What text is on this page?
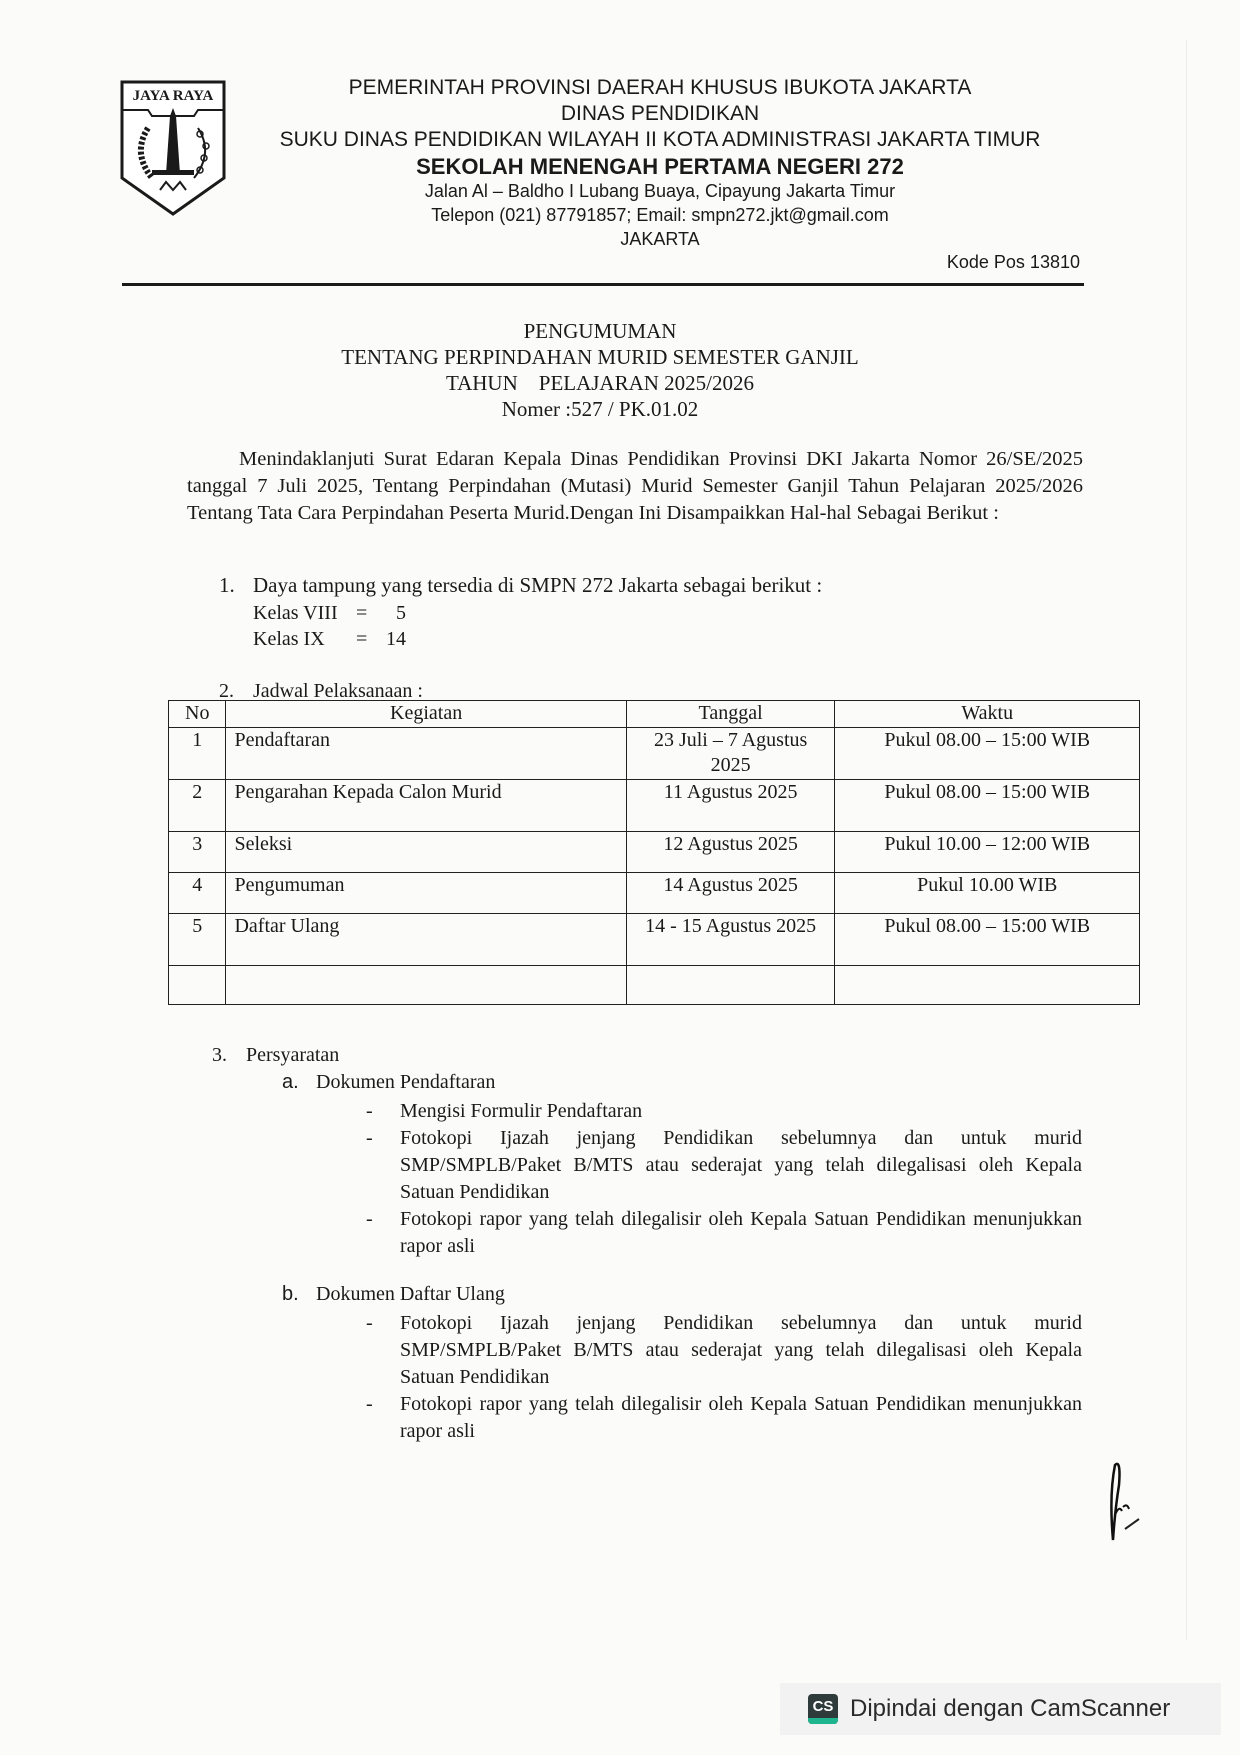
JAYA RAYA	PEMERINTAH PROVINSI DAERAH KHUSUS IBUKOTA JAKARTA
DINAS PENDIDIKAN
SUKU DINAS PENDIDIKAN WILAYAH II KOTA ADMINISTRASI JAKARTA TIMUR
SEKOLAH MENENGAH PERTAMA NEGERI 272
Jalan Al – Baldho I Lubang Buaya, Cipayung Jakarta Timur
Telepon (021) 87791857; Email: smpn272.jkt@gmail.com
JAKARTA
Kode Pos 13810
PENGUMUMAN
TENTANG PERPINDAHAN MURID SEMESTER GANJIL
TAHUN    PELAJARAN 2025/2026
Nomer :527 / PK.01.02
Menindaklanjuti Surat Edaran Kepala Dinas Pendidikan Provinsi DKI Jakarta Nomor 26/SE/2025 tanggal 7 Juli 2025, Tentang Perpindahan (Mutasi) Murid Semester Ganjil Tahun Pelajaran 2025/2026 Tentang Tata Cara Perpindahan Peserta Murid.Dengan Ini Disampaikkan Hal-hal Sebagai Berikut :
1. Daya tampung yang tersedia di SMPN 272 Jakarta sebagai berikut :
Kelas VIII = 5
Kelas IX = 14
2. Jadwal Pelaksanaan :
No	Kegiatan	Tanggal	Waktu
1	Pendaftaran	23 Juli – 7 Agustus 2025	Pukul 08.00 – 15:00 WIB
2	Pengarahan Kepada Calon Murid	11 Agustus 2025	Pukul 08.00 – 15:00 WIB
3	Seleksi	12 Agustus 2025	Pukul 10.00 – 12:00 WIB
4	Pengumuman	14 Agustus 2025	Pukul 10.00 WIB
5	Daftar Ulang	14 - 15 Agustus 2025	Pukul 08.00 – 15:00 WIB

3. Persyaratan
a. Dokumen Pendaftaran
- Mengisi Formulir Pendaftaran
- Fotokopi Ijazah jenjang Pendidikan sebelumnya dan untuk murid SMP/SMPLB/Paket B/MTS atau sederajat yang telah dilegalisasi oleh Kepala Satuan Pendidikan
- Fotokopi rapor yang telah dilegalisir oleh Kepala Satuan Pendidikan menunjukkan rapor asli
b. Dokumen Daftar Ulang
- Fotokopi Ijazah jenjang Pendidikan sebelumnya dan untuk murid SMP/SMPLB/Paket B/MTS atau sederajat yang telah dilegalisasi oleh Kepala Satuan Pendidikan
- Fotokopi rapor yang telah dilegalisir oleh Kepala Satuan Pendidikan menunjukkan rapor asli
CS Dipindai dengan CamScanner
